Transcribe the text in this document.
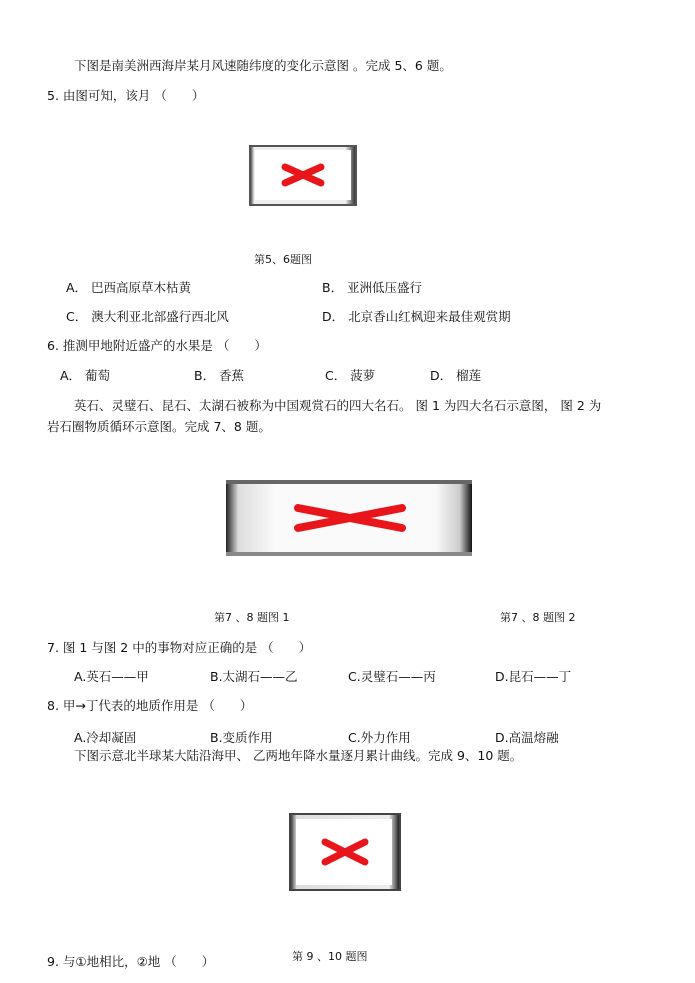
下图是南美洲西海岸某月风速随纬度的变化示意图 。完成 5、6 题。
5. 由图可知，该月 （　　）
第5、6题图
A． 巴西高原草木枯黄	B． 亚洲低压盛行
C． 澳大利亚北部盛行西北风	D． 北京香山红枫迎来最佳观赏期
6. 推测甲地附近盛产的水果是 （　　）
A． 葡萄	B． 香蕉	C． 菠萝	D． 榴莲
英石、灵璧石、昆石、太湖石被称为中国观赏石的四大名石。 图 1 为四大名石示意图， 图 2 为
岩石圈物质循环示意图。完成 7、8 题。
第7 、8 题图 1	第7 、8 题图 2
7. 图 1 与图 2 中的事物对应正确的是 （　　）
A.英石——甲	B.太湖石——乙	C.灵璧石——丙	D.昆石——丁
8. 甲→丁代表的地质作用是 （　　）
A.冷却凝固	B.变质作用	C.外力作用	D.高温熔融
下图示意北半球某大陆沿海甲、 乙两地年降水量逐月累计曲线。完成 9、10 题。
9. 与①地相比，②地 （　　）	第 9 、10 题图
